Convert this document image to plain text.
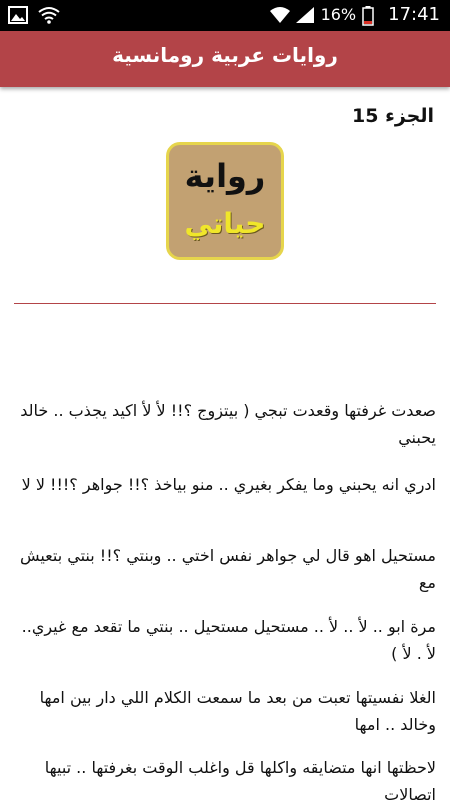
16% 17:41
روايات عربية رومانسية
الجزء 15
رواية
حياتي
صعدت غرفتها وقعدت تبجي ( بيتزوج ؟!! لأ لأ اكيد يجذب .. خالد يحبني
ادري انه يحبني وما يفكر بغيري .. منو بياخذ ؟!! جواهر ؟!!! لا لا
مستحيل اهو قال لي جواهر نفس اختي .. وبنتي ؟!! بنتي بتعيش مع
مرة ابو .. لأ .. لأ .. مستحيل مستحيل .. بنتي ما تقعد مع غيري.. لأ . لأ )
الغلا نفسيتها تعبت من بعد ما سمعت الكلام اللي دار بين امها وخالد .. امها
لاحظتها انها متضايقه واكلها قل واغلب الوقت بغرفتها .. تبيها اتصالات
